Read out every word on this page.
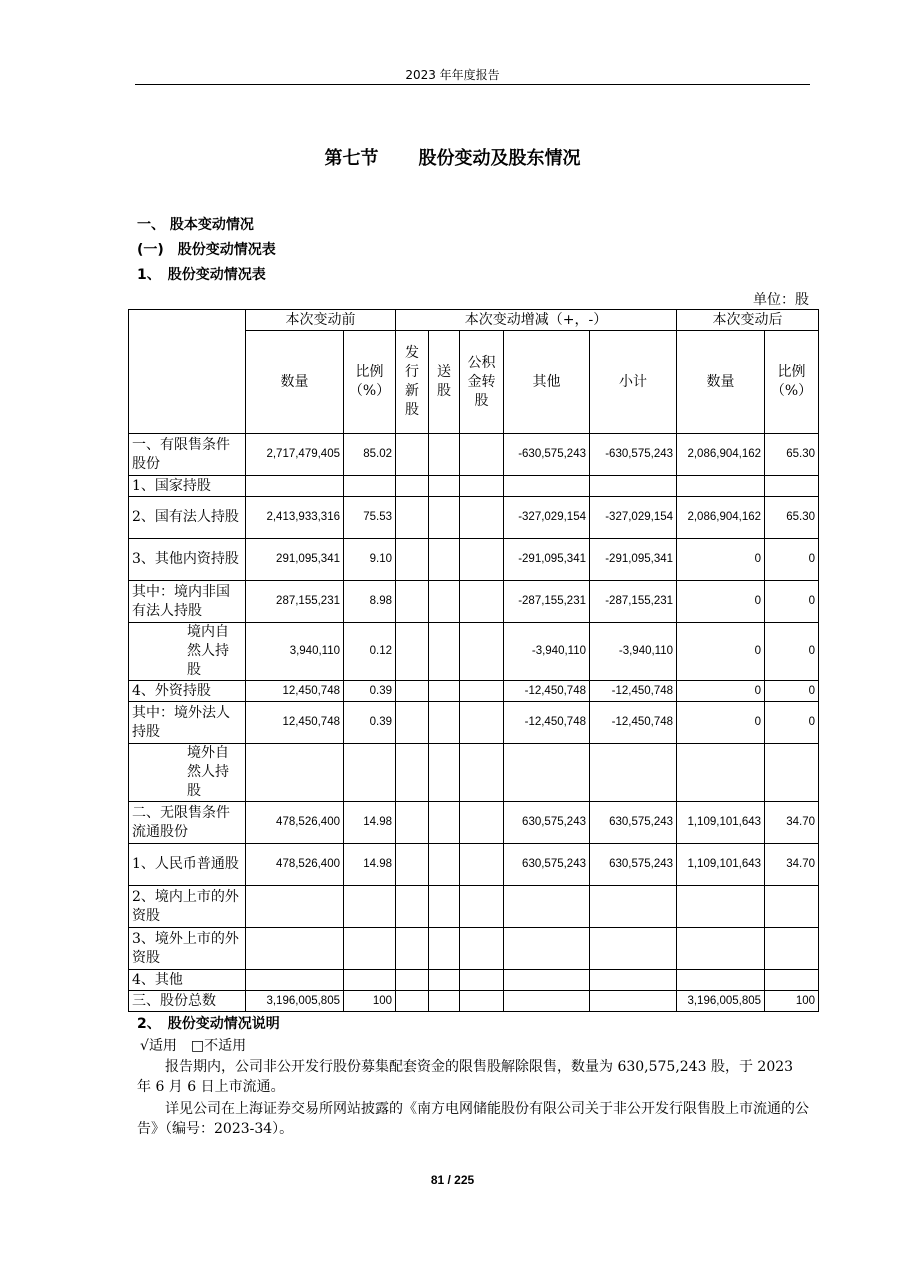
2023 年年度报告
第七节 股份变动及股东情况
一、 股本变动情况
(一)　股份变动情况表
1、　股份变动情况表
单位：股
	本次变动前		本次变动增减（+，-）					本次变动后	
	数量	比例（%）	发行新股	送股	公积金转股	其他	小计	数量	比例（%）
一、有限售条件股份	2,717,479,405	85.02				-630,575,243	-630,575,243	2,086,904,162	65.30
1、国家持股									
2、国有法人持股	2,413,933,316	75.53				-327,029,154	-327,029,154	2,086,904,162	65.30
3、其他内资持股	291,095,341	9.10				-291,095,341	-291,095,341	0	0
其中：境内非国有法人持股	287,155,231	8.98				-287,155,231	-287,155,231	0	0
境内自然人持股	3,940,110	0.12				-3,940,110	-3,940,110	0	0
4、外资持股	12,450,748	0.39				-12,450,748	-12,450,748	0	0
其中：境外法人持股	12,450,748	0.39				-12,450,748	-12,450,748	0	0
境外自然人持股									
二、无限售条件流通股份	478,526,400	14.98				630,575,243	630,575,243	1,109,101,643	34.70
1、人民币普通股	478,526,400	14.98				630,575,243	630,575,243	1,109,101,643	34.70
2、境内上市的外资股									
3、境外上市的外资股									
4、其他									
三、股份总数	3,196,005,805	100						3,196,005,805	100
2、　股份变动情况说明
√适用　□不适用
报告期内，公司非公开发行股份募集配套资金的限售股解除限售，数量为 630,575,243 股，于 2023 年 6 月 6 日上市流通。
详见公司在上海证券交易所网站披露的《南方电网储能股份有限公司关于非公开发行限售股上市流通的公告》（编号：2023-34）。
81 / 225
